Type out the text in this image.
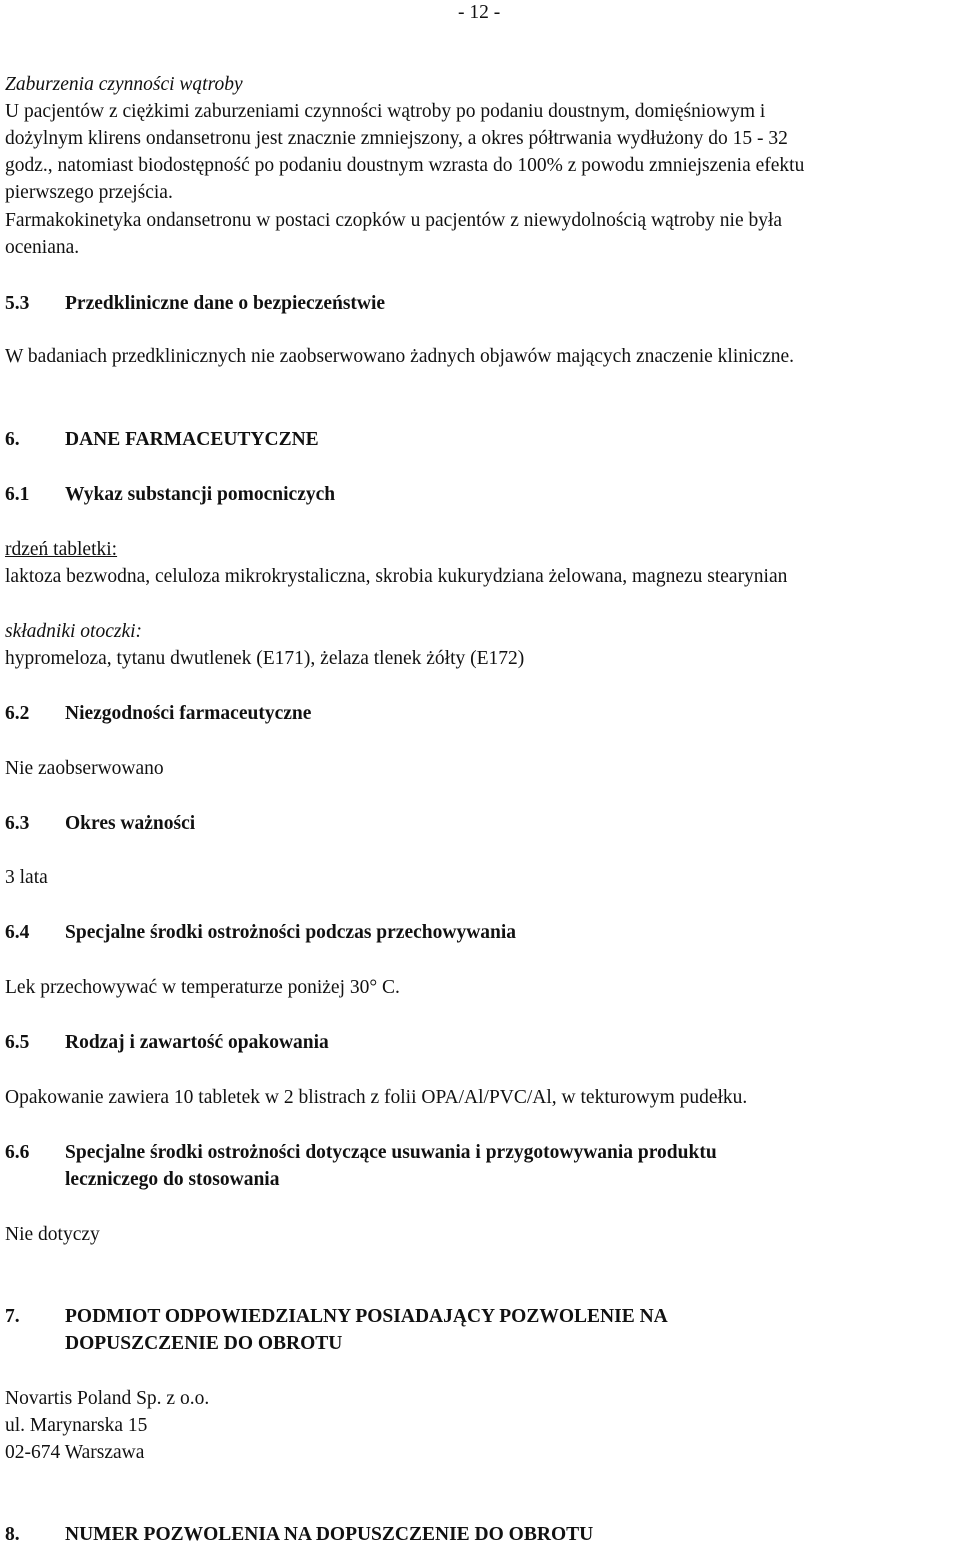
- 12 -
Zaburzenia czynności wątroby
U pacjentów z ciężkimi zaburzeniami czynności wątroby po podaniu doustnym, domięśniowym i
dożylnym klirens ondansetronu jest znacznie zmniejszony, a okres półtrwania wydłużony do 15 - 32
godz., natomiast biodostępność po podaniu doustnym wzrasta do 100% z powodu zmniejszenia efektu
pierwszego przejścia.
Farmakokinetyka ondansetronu w postaci czopków u pacjentów z niewydolnością wątroby nie była
oceniana.
5.3 Przedkliniczne dane o bezpieczeństwie
W badaniach przedklinicznych nie zaobserwowano żadnych objawów mających znaczenie kliniczne.
6. DANE FARMACEUTYCZNE
6.1 Wykaz substancji pomocniczych
rdzeń tabletki:
laktoza bezwodna, celuloza mikrokrystaliczna, skrobia kukurydziana żelowana, magnezu stearynian
składniki otoczki:
hypromeloza, tytanu dwutlenek (E171), żelaza tlenek żółty (E172)
6.2 Niezgodności farmaceutyczne
Nie zaobserwowano
6.3 Okres ważności
3 lata
6.4 Specjalne środki ostrożności podczas przechowywania
Lek przechowywać w temperaturze poniżej 30° C.
6.5 Rodzaj i zawartość opakowania
Opakowanie zawiera 10 tabletek w 2 blistrach z folii OPA/Al/PVC/Al, w tekturowym pudełku.
6.6 Specjalne środki ostrożności dotyczące usuwania i przygotowywania produktu
leczniczego do stosowania
Nie dotyczy
7. PODMIOT ODPOWIEDZIALNY POSIADAJĄCY POZWOLENIE NA
DOPUSZCZENIE DO OBROTU
Novartis Poland Sp. z o.o.
ul. Marynarska 15
02-674 Warszawa
8. NUMER POZWOLENIA NA DOPUSZCZENIE DO OBROTU
